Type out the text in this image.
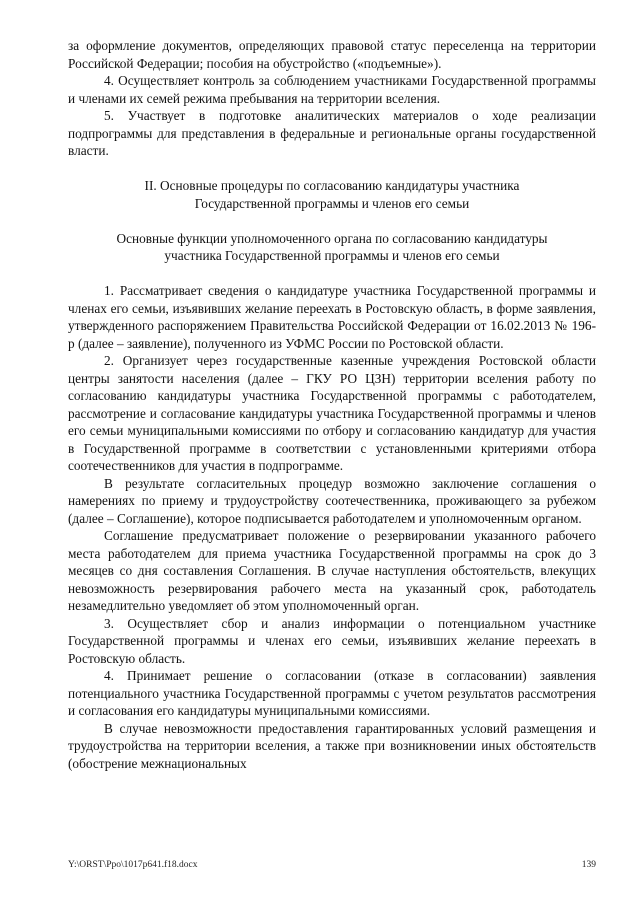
за оформление документов, определяющих правовой статус переселенца на территории Российской Федерации; пособия на обустройство («подъемные»).

4. Осуществляет контроль за соблюдением участниками Государственной программы и членами их семей режима пребывания на территории вселения.

5. Участвует в подготовке аналитических материалов о ходе реализации подпрограммы для представления в федеральные и региональные органы государственной власти.

II. Основные процедуры по согласованию кандидатуры участника
Государственной программы и членов его семьи
Основные функции уполномоченного органа по согласованию кандидатуры
участника Государственной программы и членов его семьи

1. Рассматривает сведения о кандидатуре участника Государственной программы и членах его семьи, изъявивших желание переехать в Ростовскую область, в форме заявления, утвержденного распоряжением Правительства Российской Федерации от 16.02.2013 № 196-р (далее – заявление), полученного из УФМС России по Ростовской области.

2. Организует через государственные казенные учреждения Ростовской области центры занятости населения (далее – ГКУ РО ЦЗН) территории вселения работу по согласованию кандидатуры участника Государственной программы с работодателем, рассмотрение и согласование кандидатуры участника Государственной программы и членов его семьи муниципальными комиссиями по отбору и согласованию кандидатур для участия в Государственной программе в соответствии с установленными критериями отбора соотечественников для участия в подпрограмме.

В результате согласительных процедур возможно заключение соглашения о намерениях по приему и трудоустройству соотечественника, проживающего за рубежом (далее – Соглашение), которое подписывается работодателем и уполномоченным органом.

Соглашение предусматривает положение о резервировании указанного рабочего места работодателем для приема участника Государственной программы на срок до 3 месяцев со дня составления Соглашения. В случае наступления обстоятельств, влекущих невозможность резервирования рабочего места на указанный срок, работодатель незамедлительно уведомляет об этом уполномоченный орган.

3. Осуществляет сбор и анализ информации о потенциальном участнике Государственной программы и членах его семьи, изъявивших желание переехать в Ростовскую область.

4. Принимает решение о согласовании (отказе в согласовании) заявления потенциального участника Государственной программы с учетом результатов рассмотрения и согласования его кандидатуры муниципальными комиссиями.

В случае невозможности предоставления гарантированных условий размещения и трудоустройства на территории вселения, а также при возникновении иных обстоятельств (обострение межнациональных

Y:\ORST\Ppo\1017p641.f18.docx	139
